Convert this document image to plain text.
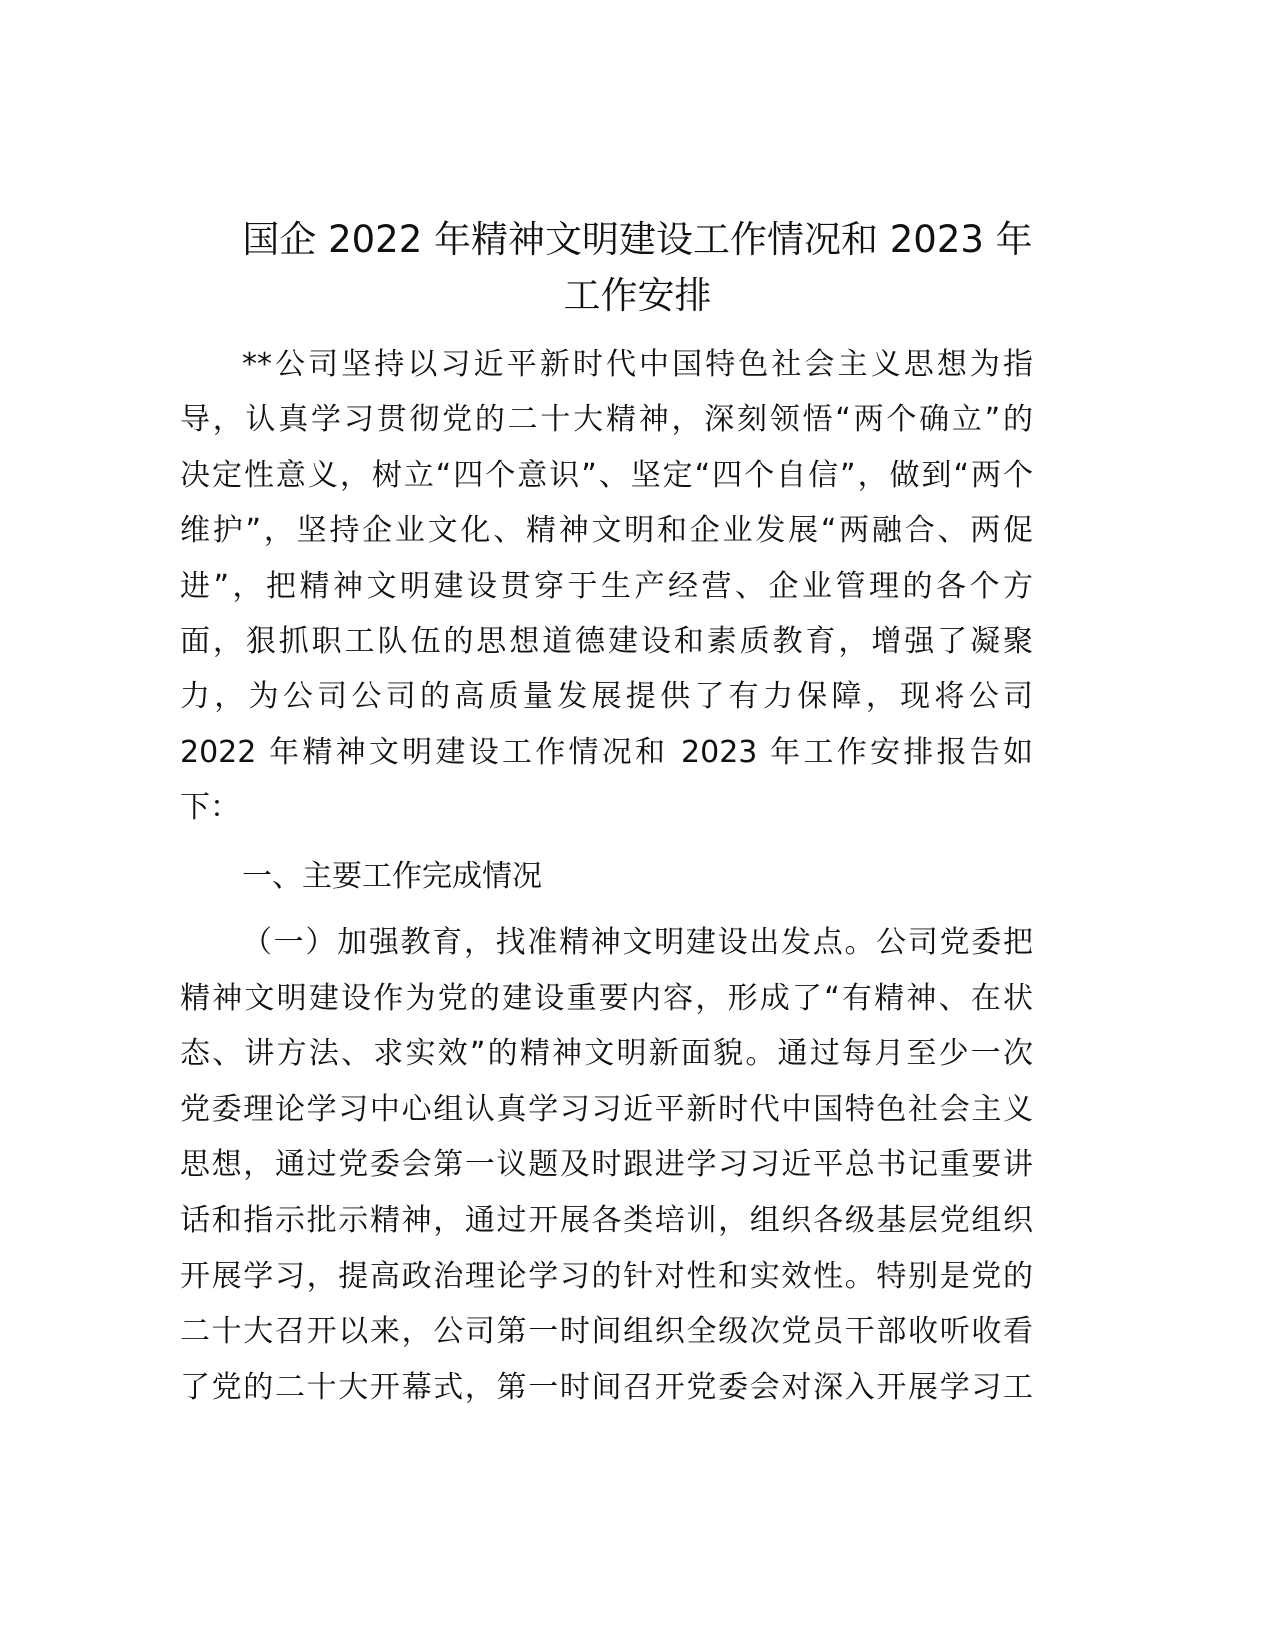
国企 2022 年精神文明建设工作情况和 2023 年
工作安排
**公司坚持以习近平新时代中国特色社会主义思想为指
导，认真学习贯彻党的二十大精神，深刻领悟“两个确立”的
决定性意义，树立“四个意识”、坚定“四个自信”，做到“两个
维护”，坚持企业文化、精神文明和企业发展“两融合、两促
进”，把精神文明建设贯穿于生产经营、企业管理的各个方
面，狠抓职工队伍的思想道德建设和素质教育，增强了凝聚
力，为公司公司的高质量发展提供了有力保障，现将公司
2022 年精神文明建设工作情况和 2023 年工作安排报告如
下：
一、主要工作完成情况
（一）加强教育，找准精神文明建设出发点。公司党委把
精神文明建设作为党的建设重要内容，形成了“有精神、在状
态、讲方法、求实效”的精神文明新面貌。通过每月至少一次
党委理论学习中心组认真学习习近平新时代中国特色社会主义
思想，通过党委会第一议题及时跟进学习习近平总书记重要讲
话和指示批示精神，通过开展各类培训，组织各级基层党组织
开展学习，提高政治理论学习的针对性和实效性。特别是党的
二十大召开以来，公司第一时间组织全级次党员干部收听收看
了党的二十大开幕式，第一时间召开党委会对深入开展学习工
